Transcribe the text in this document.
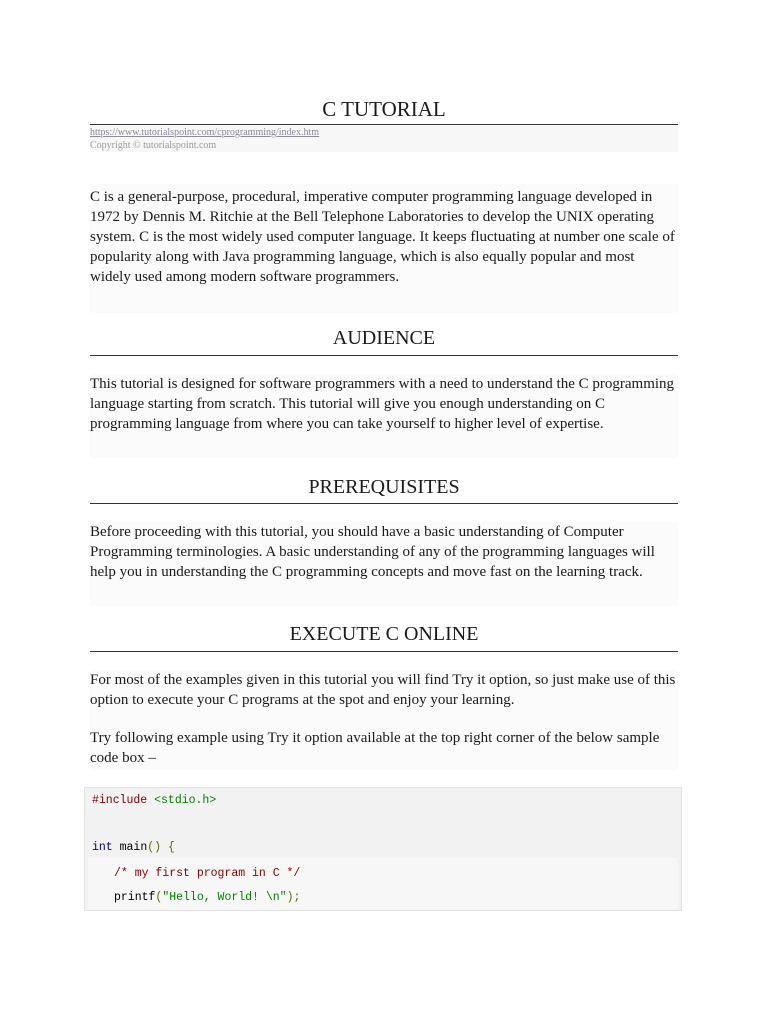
C TUTORIAL
https://www.tutorialspoint.com/cprogramming/index.htm
Copyright © tutorialspoint.com

C is a general-purpose, procedural, imperative computer programming language developed in 1972 by Dennis M. Ritchie at the Bell Telephone Laboratories to develop the UNIX operating system. C is the most widely used computer language. It keeps fluctuating at number one scale of popularity along with Java programming language, which is also equally popular and most widely used among modern software programmers.

AUDIENCE

This tutorial is designed for software programmers with a need to understand the C programming language starting from scratch. This tutorial will give you enough understanding on C programming language from where you can take yourself to higher level of expertise.

PREREQUISITES

Before proceeding with this tutorial, you should have a basic understanding of Computer Programming terminologies. A basic understanding of any of the programming languages will help you in understanding the C programming concepts and move fast on the learning track.

EXECUTE C ONLINE

For most of the examples given in this tutorial you will find Try it option, so just make use of this option to execute your C programs at the spot and enjoy your learning.

Try following example using Try it option available at the top right corner of the below sample code box –

#include <stdio.h>
int main() {
/* my first program in C */
printf("Hello, World! \n");
